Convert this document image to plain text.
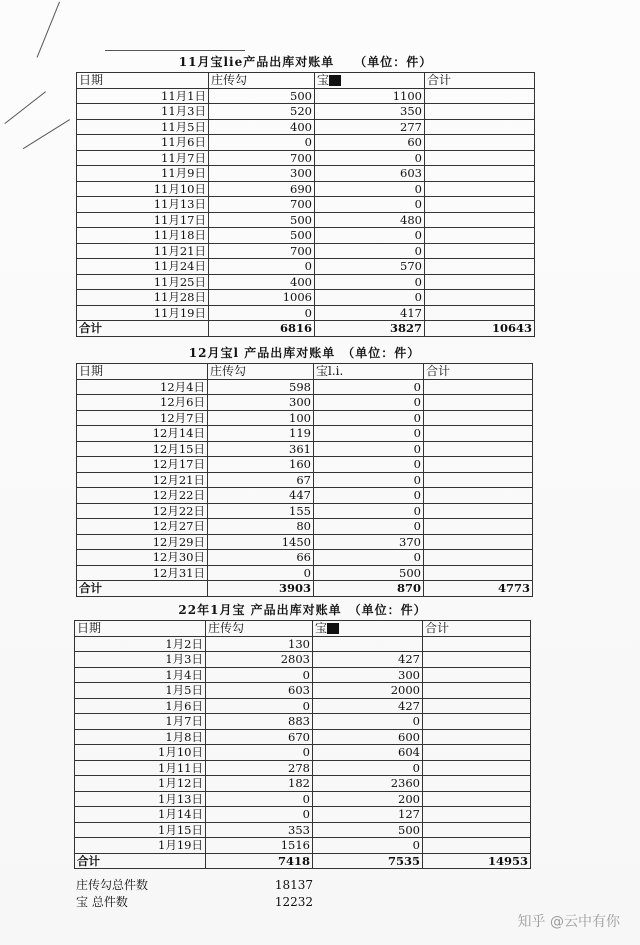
11月宝lie产品出库对账单　　（单位：件）			
日期	庄传勾	宝	合计
11月1日	500	1100	
11月3日	520	350	
11月5日	400	277	
11月6日	0	60	
11月7日	700	0	
11月9日	300	603	
11月10日	690	0	
11月13日	700	0	
11月17日	500	480	
11月18日	500	0	
11月21日	700	0	
11月24日	0	570	
11月25日	400	0	
11月28日	1006	0	
11月19日	0	417	
合计	6816	3827	10643
12月宝l 产品出库对账单　（单位：件）			
日期	庄传勾	宝l.i.	合计
12月4日	598	0	
12月6日	300	0	
12月7日	100	0	
12月14日	119	0	
12月15日	361	0	
12月17日	160	0	
12月21日	67	0	
12月22日	447	0	
12月22日	155	0	
12月27日	80	0	
12月29日	1450	370	
12月30日	66	0	
12月31日	0	500	
合计	3903	870	4773
22年1月宝 产品出库对账单　（单位：件）			
日期	庄传勾	宝	合计
1月2日	130		
1月3日	2803	427	
1月4日	0	300	
1月5日	603	2000	
1月6日	0	427	
1月7日	883	0	
1月8日	670	600	
1月10日	0	604	
1月11日	278	0	
1月12日	182	2360	
1月13日	0	200	
1月14日	0	127	
1月15日	353	500	
1月19日	1516	0	
合计	7418	7535	14953
庄传勾总件数	18137
宝 总件数	12232
知乎 @云中有你
